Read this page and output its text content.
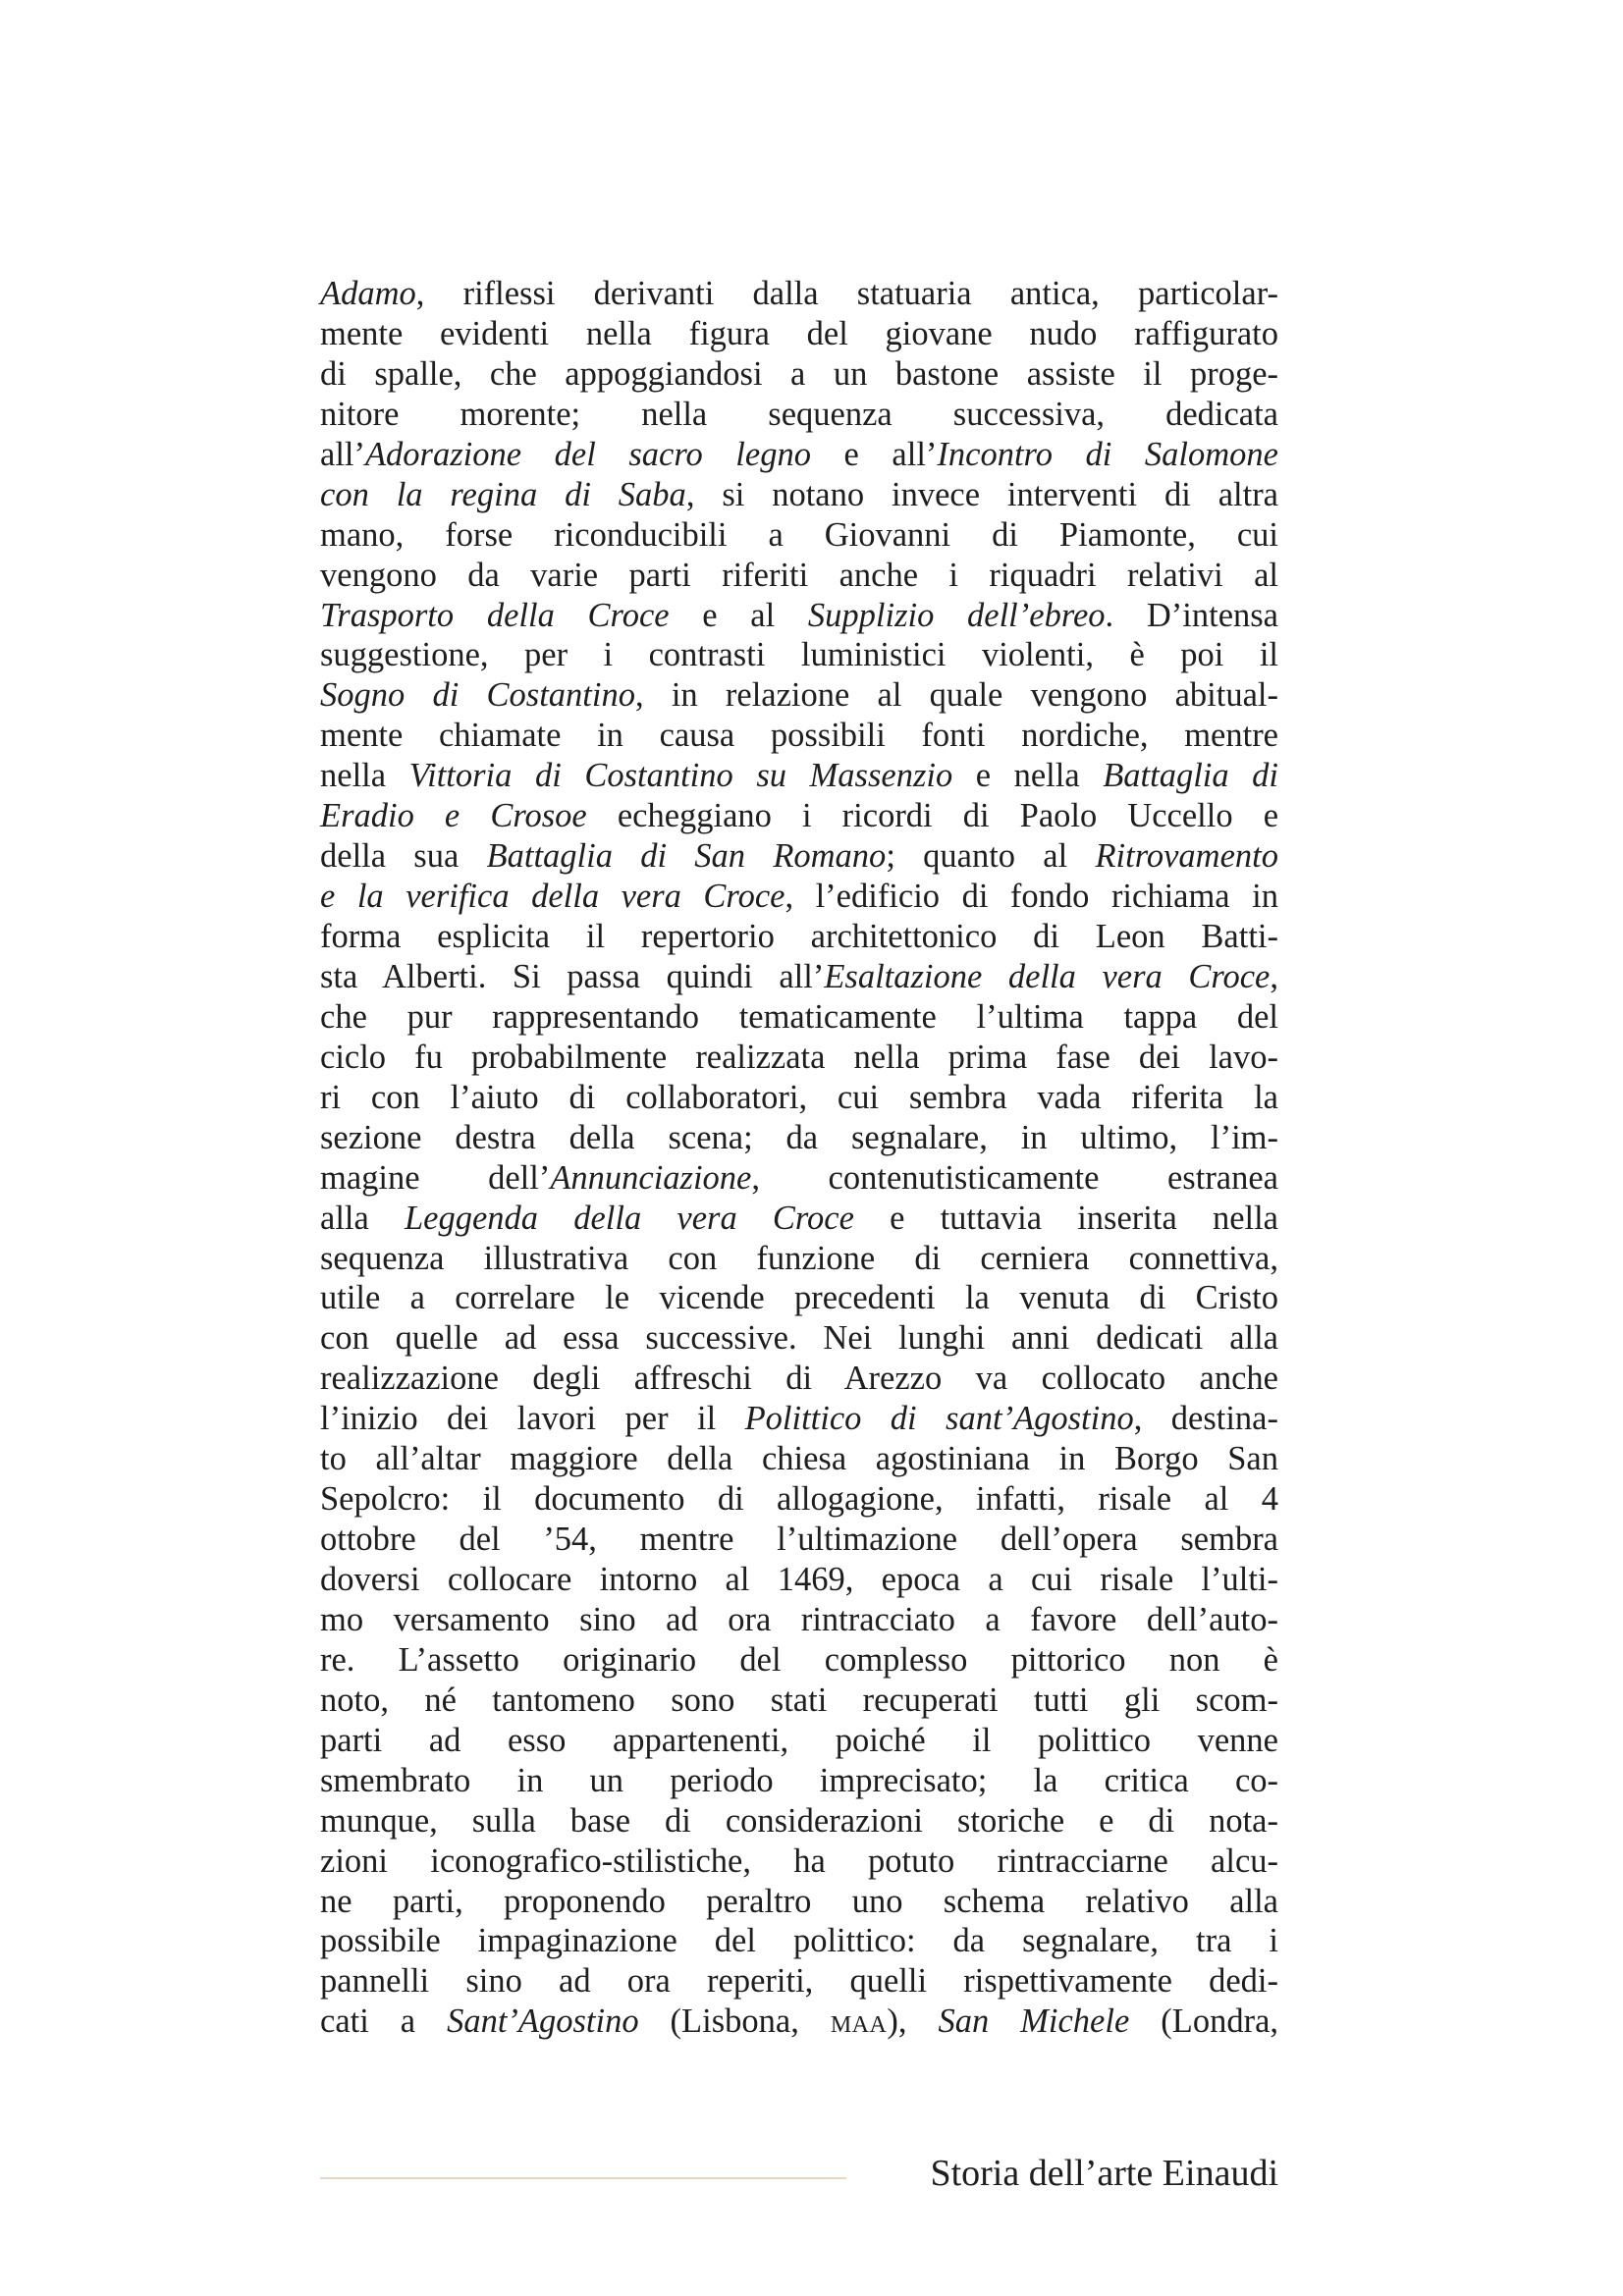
Adamo, riflessi derivanti dalla statuaria antica, particolar-
mente evidenti nella figura del giovane nudo raffigurato
di spalle, che appoggiandosi a un bastone assiste il proge-
nitore morente; nella sequenza successiva, dedicata
all’Adorazione del sacro legno e all’Incontro di Salomone
con la regina di Saba, si notano invece interventi di altra
mano, forse riconducibili a Giovanni di Piamonte, cui
vengono da varie parti riferiti anche i riquadri relativi al
Trasporto della Croce e al Supplizio dell’ebreo. D’intensa
suggestione, per i contrasti luministici violenti, è poi il
Sogno di Costantino, in relazione al quale vengono abitual-
mente chiamate in causa possibili fonti nordiche, mentre
nella Vittoria di Costantino su Massenzio e nella Battaglia di
Eradio e Crosoe echeggiano i ricordi di Paolo Uccello e
della sua Battaglia di San Romano; quanto al Ritrovamento
e la verifica della vera Croce, l’edificio di fondo richiama in
forma esplicita il repertorio architettonico di Leon Batti-
sta Alberti. Si passa quindi all’Esaltazione della vera Croce,
che pur rappresentando tematicamente l’ultima tappa del
ciclo fu probabilmente realizzata nella prima fase dei lavo-
ri con l’aiuto di collaboratori, cui sembra vada riferita la
sezione destra della scena; da segnalare, in ultimo, l’im-
magine dell’Annunciazione, contenutisticamente estranea
alla Leggenda della vera Croce e tuttavia inserita nella
sequenza illustrativa con funzione di cerniera connettiva,
utile a correlare le vicende precedenti la venuta di Cristo
con quelle ad essa successive. Nei lunghi anni dedicati alla
realizzazione degli affreschi di Arezzo va collocato anche
l’inizio dei lavori per il Polittico di sant’Agostino, destina-
to all’altar maggiore della chiesa agostiniana in Borgo San
Sepolcro: il documento di allogagione, infatti, risale al 4
ottobre del ’54, mentre l’ultimazione dell’opera sembra
doversi collocare intorno al 1469, epoca a cui risale l’ulti-
mo versamento sino ad ora rintracciato a favore dell’auto-
re. L’assetto originario del complesso pittorico non è
noto, né tantomeno sono stati recuperati tutti gli scom-
parti ad esso appartenenti, poiché il polittico venne
smembrato in un periodo imprecisato; la critica co-
munque, sulla base di considerazioni storiche e di nota-
zioni iconografico-stilistiche, ha potuto rintracciarne alcu-
ne parti, proponendo peraltro uno schema relativo alla
possibile impaginazione del polittico: da segnalare, tra i
pannelli sino ad ora reperiti, quelli rispettivamente dedi-
cati a Sant’Agostino (Lisbona, maa), San Michele (Londra,
Storia dell’arte Einaudi
